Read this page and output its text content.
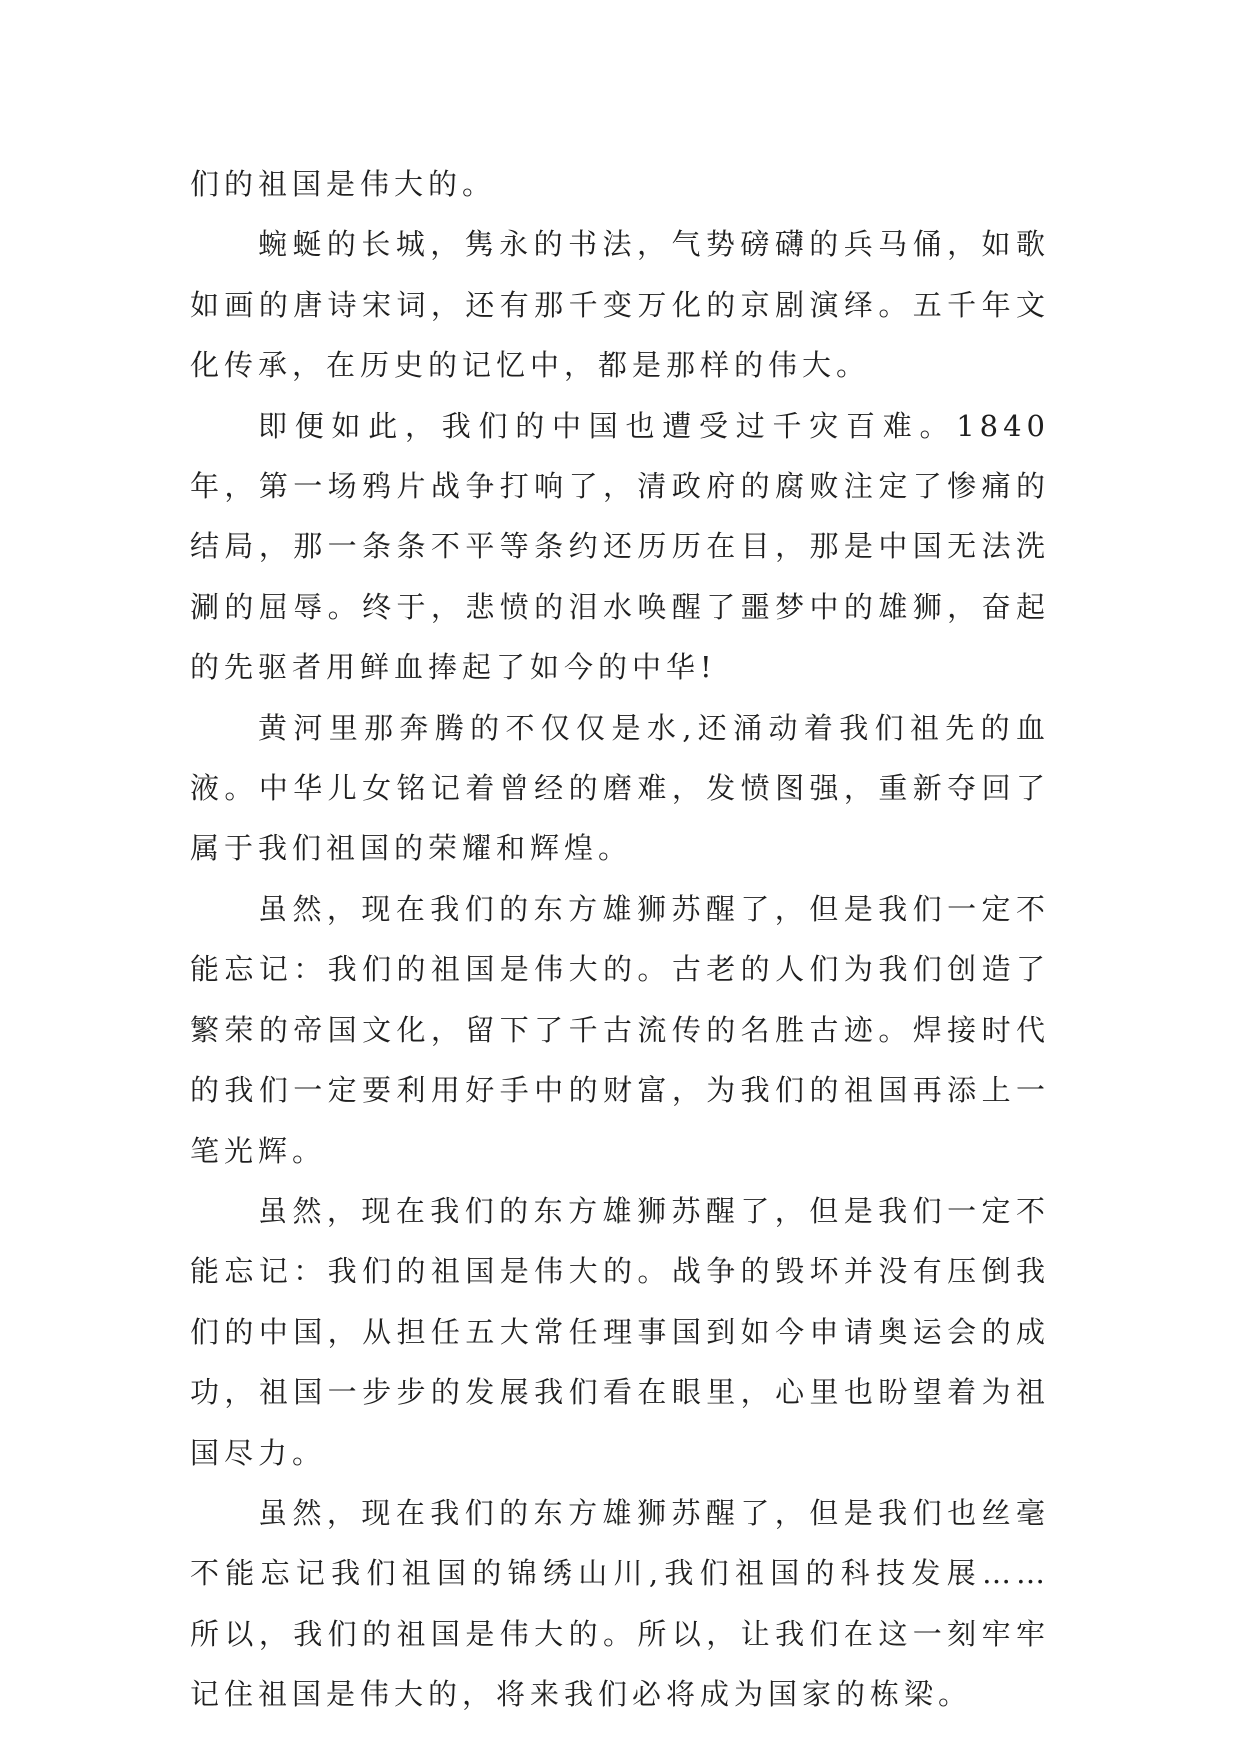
们的祖国是伟大的。

蜿蜒的长城，隽永的书法，气势磅礴的兵马俑，如歌如画的唐诗宋词，还有那千变万化的京剧演绎。五千年文化传承，在历史的记忆中，都是那样的伟大。

即便如此，我们的中国也遭受过千灾百难。1840 年，第一场鸦片战争打响了，清政府的腐败注定了惨痛的结局，那一条条不平等条约还历历在目，那是中国无法洗涮的屈辱。终于，悲愤的泪水唤醒了噩梦中的雄狮，奋起的先驱者用鲜血捧起了如今的中华!

黄河里那奔腾的不仅仅是水,还涌动着我们祖先的血液。中华儿女铭记着曾经的磨难，发愤图强，重新夺回了属于我们祖国的荣耀和辉煌。

虽然，现在我们的东方雄狮苏醒了，但是我们一定不能忘记：我们的祖国是伟大的。古老的人们为我们创造了繁荣的帝国文化，留下了千古流传的名胜古迹。焊接时代的我们一定要利用好手中的财富，为我们的祖国再添上一笔光辉。

虽然，现在我们的东方雄狮苏醒了，但是我们一定不能忘记：我们的祖国是伟大的。战争的毁坏并没有压倒我们的中国，从担任五大常任理事国到如今申请奥运会的成功，祖国一步步的发展我们看在眼里，心里也盼望着为祖国尽力。

虽然，现在我们的东方雄狮苏醒了，但是我们也丝毫不能忘记我们祖国的锦绣山川,我们祖国的科技发展……所以，我们的祖国是伟大的。所以，让我们在这一刻牢牢记住祖国是伟大的，将来我们必将成为国家的栋梁。
